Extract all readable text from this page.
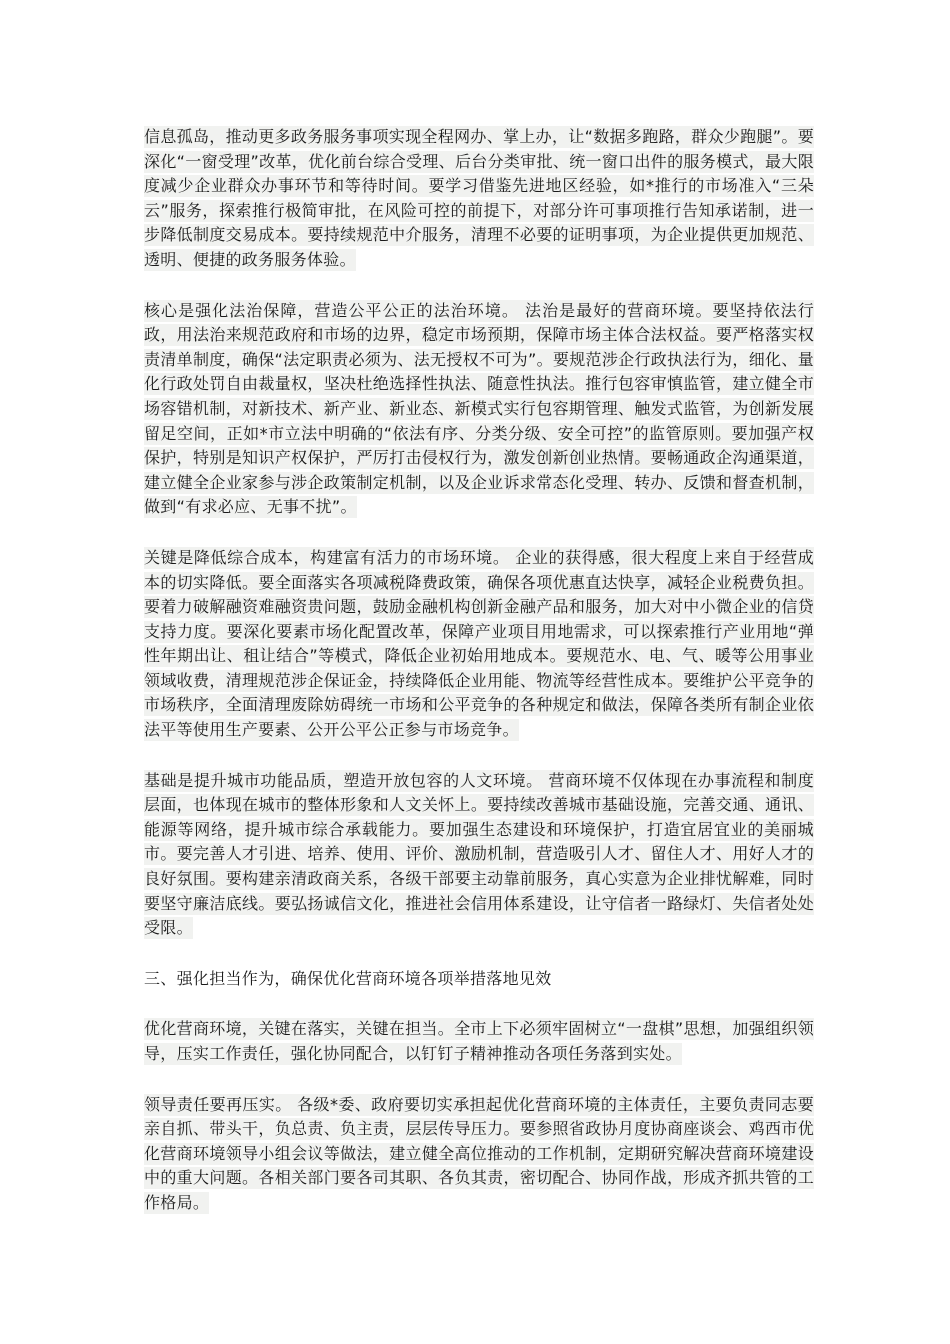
信息孤岛，推动更多政务服务事项实现全程网办、掌上办，让“数据多跑路，群众少跑腿”。要深化“一窗受理”改革，优化前台综合受理、后台分类审批、统一窗口出件的服务模式，最大限度减少企业群众办事环节和等待时间。要学习借鉴先进地区经验，如*推行的市场准入“三朵云”服务，探索推行极简审批，在风险可控的前提下，对部分许可事项推行告知承诺制，进一步降低制度交易成本。要持续规范中介服务，清理不必要的证明事项，为企业提供更加规范、透明、便捷的政务服务体验。

核心是强化法治保障，营造公平公正的法治环境。 法治是最好的营商环境。要坚持依法行政，用法治来规范政府和市场的边界，稳定市场预期，保障市场主体合法权益。要严格落实权责清单制度，确保“法定职责必须为、法无授权不可为”。要规范涉企行政执法行为，细化、量化行政处罚自由裁量权，坚决杜绝选择性执法、随意性执法。推行包容审慎监管，建立健全市场容错机制，对新技术、新产业、新业态、新模式实行包容期管理、触发式监管，为创新发展留足空间，正如*市立法中明确的“依法有序、分类分级、安全可控”的监管原则。要加强产权保护，特别是知识产权保护，严厉打击侵权行为，激发创新创业热情。要畅通政企沟通渠道，建立健全企业家参与涉企政策制定机制，以及企业诉求常态化受理、转办、反馈和督查机制，做到“有求必应、无事不扰”。

关键是降低综合成本，构建富有活力的市场环境。 企业的获得感，很大程度上来自于经营成本的切实降低。要全面落实各项减税降费政策，确保各项优惠直达快享，减轻企业税费负担。要着力破解融资难融资贵问题，鼓励金融机构创新金融产品和服务，加大对中小微企业的信贷支持力度。要深化要素市场化配置改革，保障产业项目用地需求，可以探索推行产业用地“弹性年期出让、租让结合”等模式，降低企业初始用地成本。要规范水、电、气、暖等公用事业领域收费，清理规范涉企保证金，持续降低企业用能、物流等经营性成本。要维护公平竞争的市场秩序，全面清理废除妨碍统一市场和公平竞争的各种规定和做法，保障各类所有制企业依法平等使用生产要素、公开公平公正参与市场竞争。

基础是提升城市功能品质，塑造开放包容的人文环境。 营商环境不仅体现在办事流程和制度层面，也体现在城市的整体形象和人文关怀上。要持续改善城市基础设施，完善交通、通讯、能源等网络，提升城市综合承载能力。要加强生态建设和环境保护，打造宜居宜业的美丽城市。要完善人才引进、培养、使用、评价、激励机制，营造吸引人才、留住人才、用好人才的良好氛围。要构建亲清政商关系，各级干部要主动靠前服务，真心实意为企业排忧解难，同时要坚守廉洁底线。要弘扬诚信文化，推进社会信用体系建设，让守信者一路绿灯、失信者处处受限。

三、强化担当作为，确保优化营商环境各项举措落地见效

优化营商环境，关键在落实，关键在担当。全市上下必须牢固树立“一盘棋”思想，加强组织领导，压实工作责任，强化协同配合，以钉钉子精神推动各项任务落到实处。

领导责任要再压实。 各级*委、政府要切实承担起优化营商环境的主体责任，主要负责同志要亲自抓、带头干，负总责、负主责，层层传导压力。要参照省政协月度协商座谈会、鸡西市优化营商环境领导小组会议等做法，建立健全高位推动的工作机制，定期研究解决营商环境建设中的重大问题。各相关部门要各司其职、各负其责，密切配合、协同作战，形成齐抓共管的工作格局。
